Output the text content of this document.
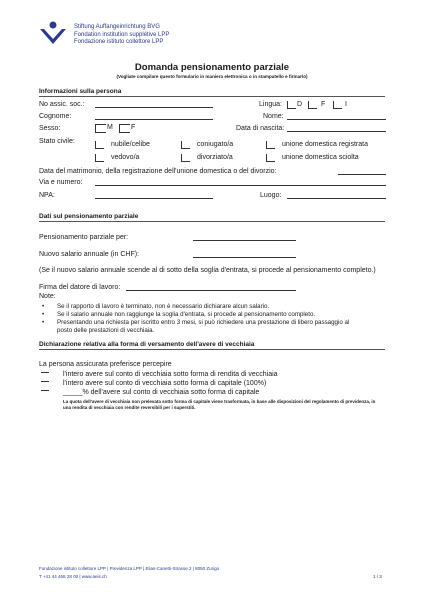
Stiftung Auffangeinrichtung BVG
Fondation institution supplétive LPP
Fondazione istituto collettore LPP
Domanda pensionamento parziale
(Vogliate compilare questo formulario in maniera elettronica o in stampatello e firmarlo)
Informazioni sulla persona
No assic. soc.:	Lingua: D	F	I
Cognome:	Nome:
Sesso:	M	F	Data di nascita:
Stato civile:	nubile/celibe	coniugato/a	unione domestica registrata
vedovo/a	divorziato/a	unione domestica sciolta
Data del matrimonio, della registrazione dell'unione domestica o del divorzio:
Via e numero:
NPA:	Luogo:
Dati sul pensionamento parziale
Pensionamento parziale per:
Nuovo salario annuale (in CHF):
(Se il nuovo salario annuale scende al di sotto della soglia d'entrata, si procede al pensionamento completo.)
Firma del datore di lavoro:
Note:
• Se il rapporto di lavoro è terminato, non è necessario dichiarare alcun salario.
• Se il salario annuale non raggiunge la soglia d'entrata, si procede al pensionamento completo.
• Presentando una richiesta per iscritto entro 3 mesi, si può richiedere una prestazione di libero passaggio al
posto delle prestazioni di vecchiaia.
Dichiarazione relativa alla forma di versamento dell'avere di vecchiaia
La persona assicurata preferisce percepire
l'intero avere sul conto di vecchiaia sotto forma di rendita di vecchiaia
l'intero avere sul conto di vecchiaia sotto forma di capitale (100%)
_____% dell'avere sul conto di vecchiaia sotto forma di capitale
La quota dell'avere di vecchiaia non prelevata sotto forma di capitale viene trasformata, in base alle disposizioni del regolamento di previdenza, in
una rendita di vecchiaia con rendite reversibili per i superstiti.
Fondazione istituto collettore LPP | Previdenza LPP | Elias-Canetti-Strasse 2 | 8050 Zurigo
T +41 44 468 28 00 | www.aeis.ch	1 / 3
